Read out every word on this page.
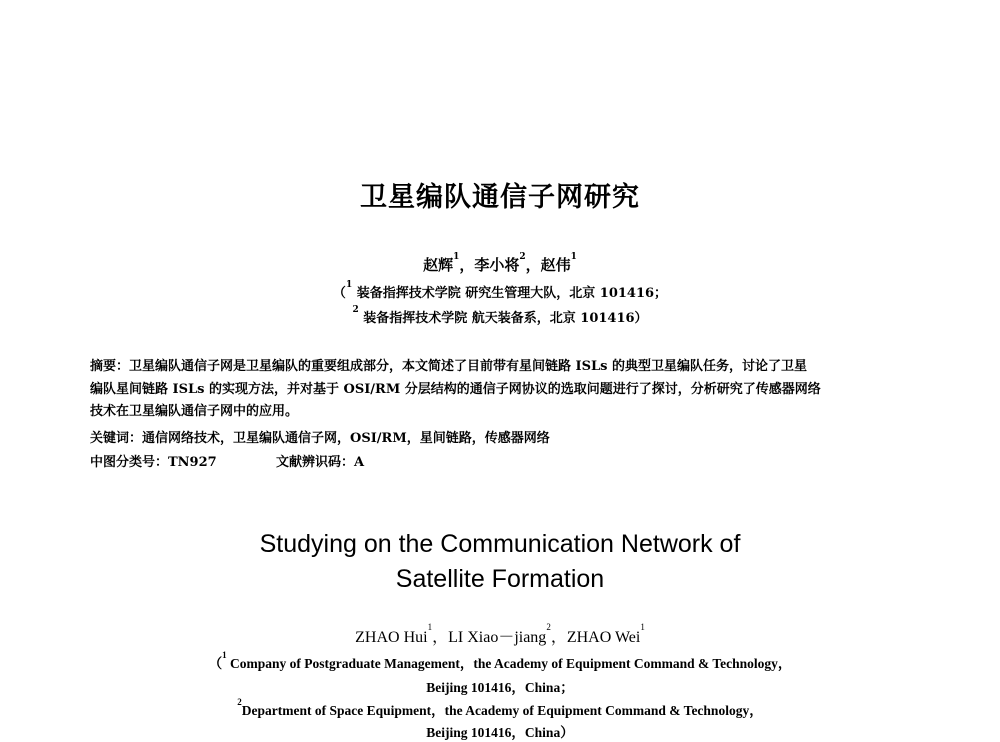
卫星编队通信子网研究
赵辉$^1$，李小将$^2$，赵伟$^1$
（$^1$ 装备指挥技术学院 研究生管理大队，北京 101416；
$^2$ 装备指挥技术学院 航天装备系，北京 101416）
摘要：卫星编队通信子网是卫星编队的重要组成部分，本文简述了目前带有星间链路 ISLs 的典型卫星编队任务，讨论了卫星
编队星间链路 ISLs 的实现方法，并对基于 OSI/RM 分层结构的通信子网协议的选取问题进行了探讨，分析研究了传感器网络
技术在卫星编队通信子网中的应用。
关键词：通信网络技术，卫星编队通信子网，OSI/RM，星间链路，传感器网络
中图分类号：TN927	文献辨识码：A
Studying on the Communication Network of
Satellite Formation
ZHAO Hui$^1$，LI Xiao－jiang$^2$，ZHAO Wei$^1$
（$^1$ Company of Postgraduate Management，the Academy of Equipment Command & Technology，
Beijing 101416，China；
$^2$Department of Space Equipment，the Academy of Equipment Command & Technology，
Beijing 101416，China）
